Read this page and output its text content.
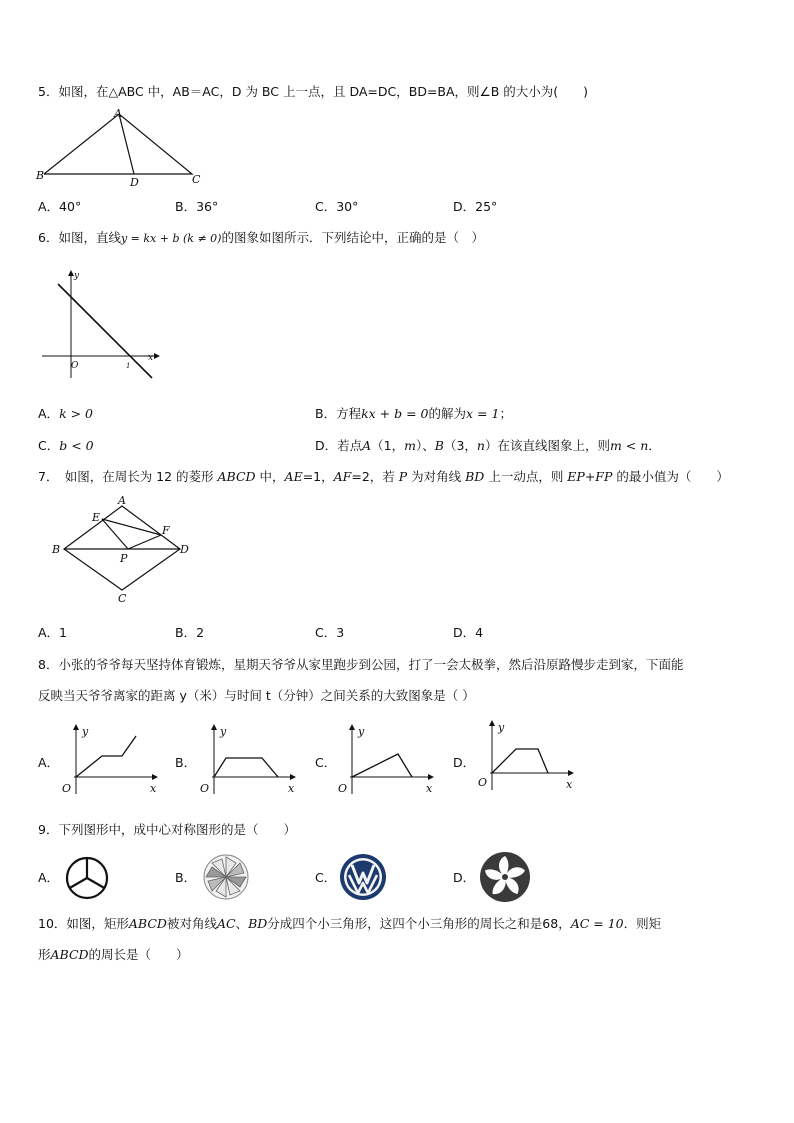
5．如图，在△ABC 中，AB＝AC，D 为 BC 上一点，且 DA=DC，BD=BA，则∠B 的大小为(　　)
A
B	C
D
A．40°	B．36°	C．30°	D．25°
6．如图，直线y = kx + b (k ≠ 0)的图象如图所示．下列结论中，正确的是（　）
y
x
O	1
A．k > 0	B．方程kx + b = 0的解为x = 1；
C．b < 0	D．若点A（1，m）、B（3，n）在该直线图象上，则m < n．
7．　如图，在周长为 12 的菱形 ABCD 中，AE=1，AF=2，若 P 为对角线 BD 上一动点，则 EP+FP 的最小值为（　　）
A
B
C
D
E
F
P
A．1	B．2	C．3	D．4
8．小张的爷爷每天坚持体育锻炼，星期天爷爷从家里跑步到公园，打了一会太极拳，然后沿原路慢步走到家，下面能
反映当天爷爷离家的距离 y（米）与时间 t（分钟）之间关系的大致图象是（ ）
A．
y
x
O
B．
y
x
O
C．
y
x
O
D．
y
x
O
9．下列图形中，成中心对称图形的是（　　）
A．	B．	C．	D．
10．如图，矩形ABCD被对角线AC、BD分成四个小三角形，这四个小三角形的周长之和是68，AC = 10．则矩
形ABCD的周长是（　　）
